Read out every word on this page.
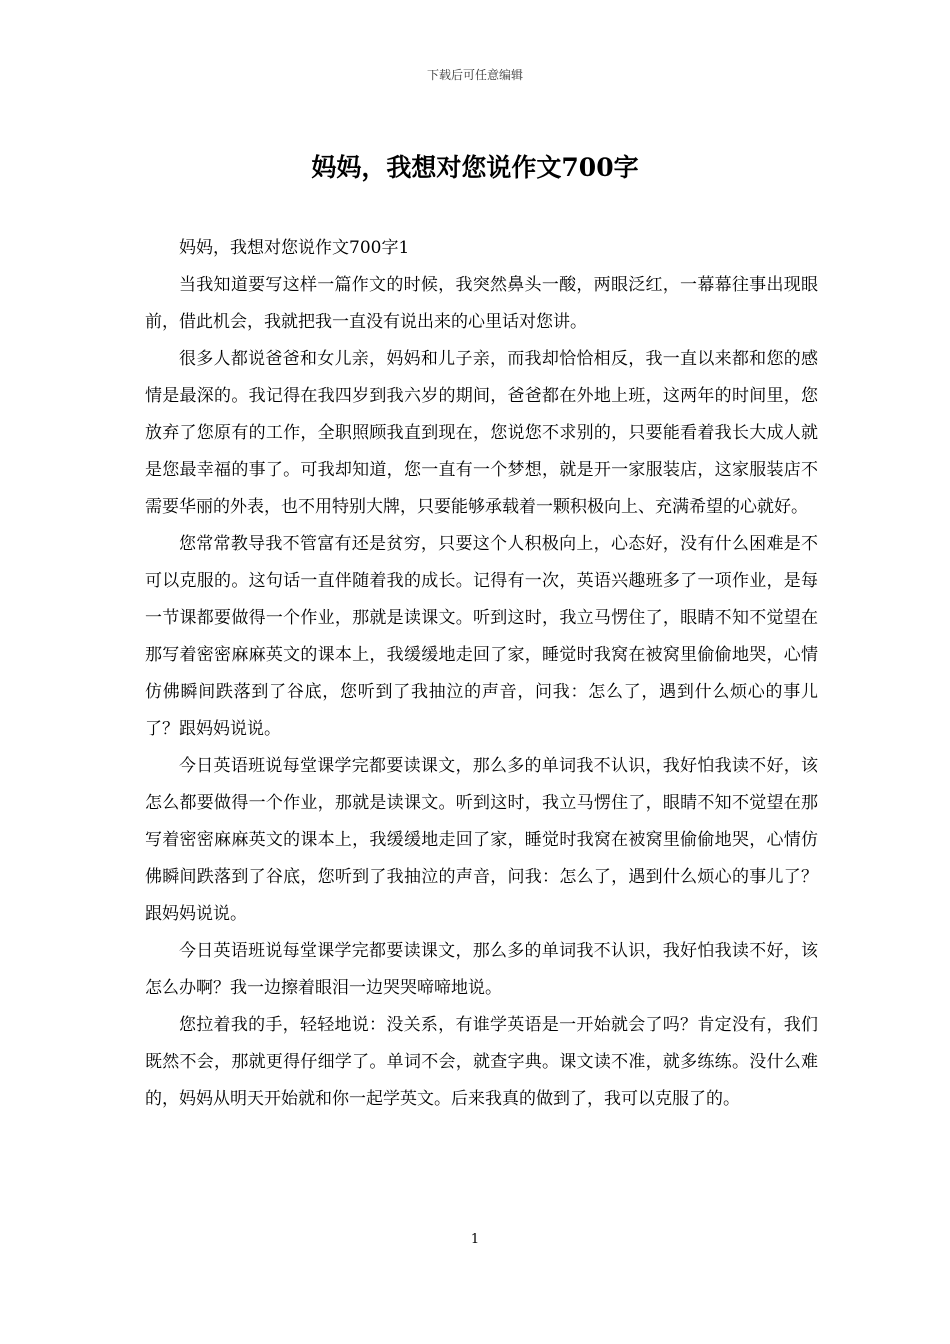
下载后可任意编辑
妈妈，我想对您说作文700字

妈妈，我想对您说作文700字1

当我知道要写这样一篇作文的时候，我突然鼻头一酸，两眼泛红，一幕幕往事出现眼前，借此机会，我就把我一直没有说出来的心里话对您讲。

很多人都说爸爸和女儿亲，妈妈和儿子亲，而我却恰恰相反，我一直以来都和您的感情是最深的。我记得在我四岁到我六岁的期间，爸爸都在外地上班，这两年的时间里，您放弃了您原有的工作，全职照顾我直到现在，您说您不求别的，只要能看着我长大成人就是您最幸福的事了。可我却知道，您一直有一个梦想，就是开一家服装店，这家服装店不需要华丽的外表，也不用特别大牌，只要能够承载着一颗积极向上、充满希望的心就好。

您常常教导我不管富有还是贫穷，只要这个人积极向上，心态好，没有什么困难是不可以克服的。这句话一直伴随着我的成长。记得有一次，英语兴趣班多了一项作业，是每一节课都要做得一个作业，那就是读课文。听到这时，我立马愣住了，眼睛不知不觉望在那写着密密麻麻英文的课本上，我缓缓地走回了家，睡觉时我窝在被窝里偷偷地哭，心情仿佛瞬间跌落到了谷底，您听到了我抽泣的声音，问我：怎么了，遇到什么烦心的事儿了？跟妈妈说说。

今日英语班说每堂课学完都要读课文，那么多的单词我不认识，我好怕我读不好，该怎么都要做得一个作业，那就是读课文。听到这时，我立马愣住了，眼睛不知不觉望在那写着密密麻麻英文的课本上，我缓缓地走回了家，睡觉时我窝在被窝里偷偷地哭，心情仿佛瞬间跌落到了谷底，您听到了我抽泣的声音，问我：怎么了，遇到什么烦心的事儿了？跟妈妈说说。

今日英语班说每堂课学完都要读课文，那么多的单词我不认识，我好怕我读不好，该怎么办啊？我一边擦着眼泪一边哭哭啼啼地说。

您拉着我的手，轻轻地说：没关系，有谁学英语是一开始就会了吗？肯定没有，我们既然不会，那就更得仔细学了。单词不会，就查字典。课文读不准，就多练练。没什么难的，妈妈从明天开始就和你一起学英文。后来我真的做到了，我可以克服了的。

1
